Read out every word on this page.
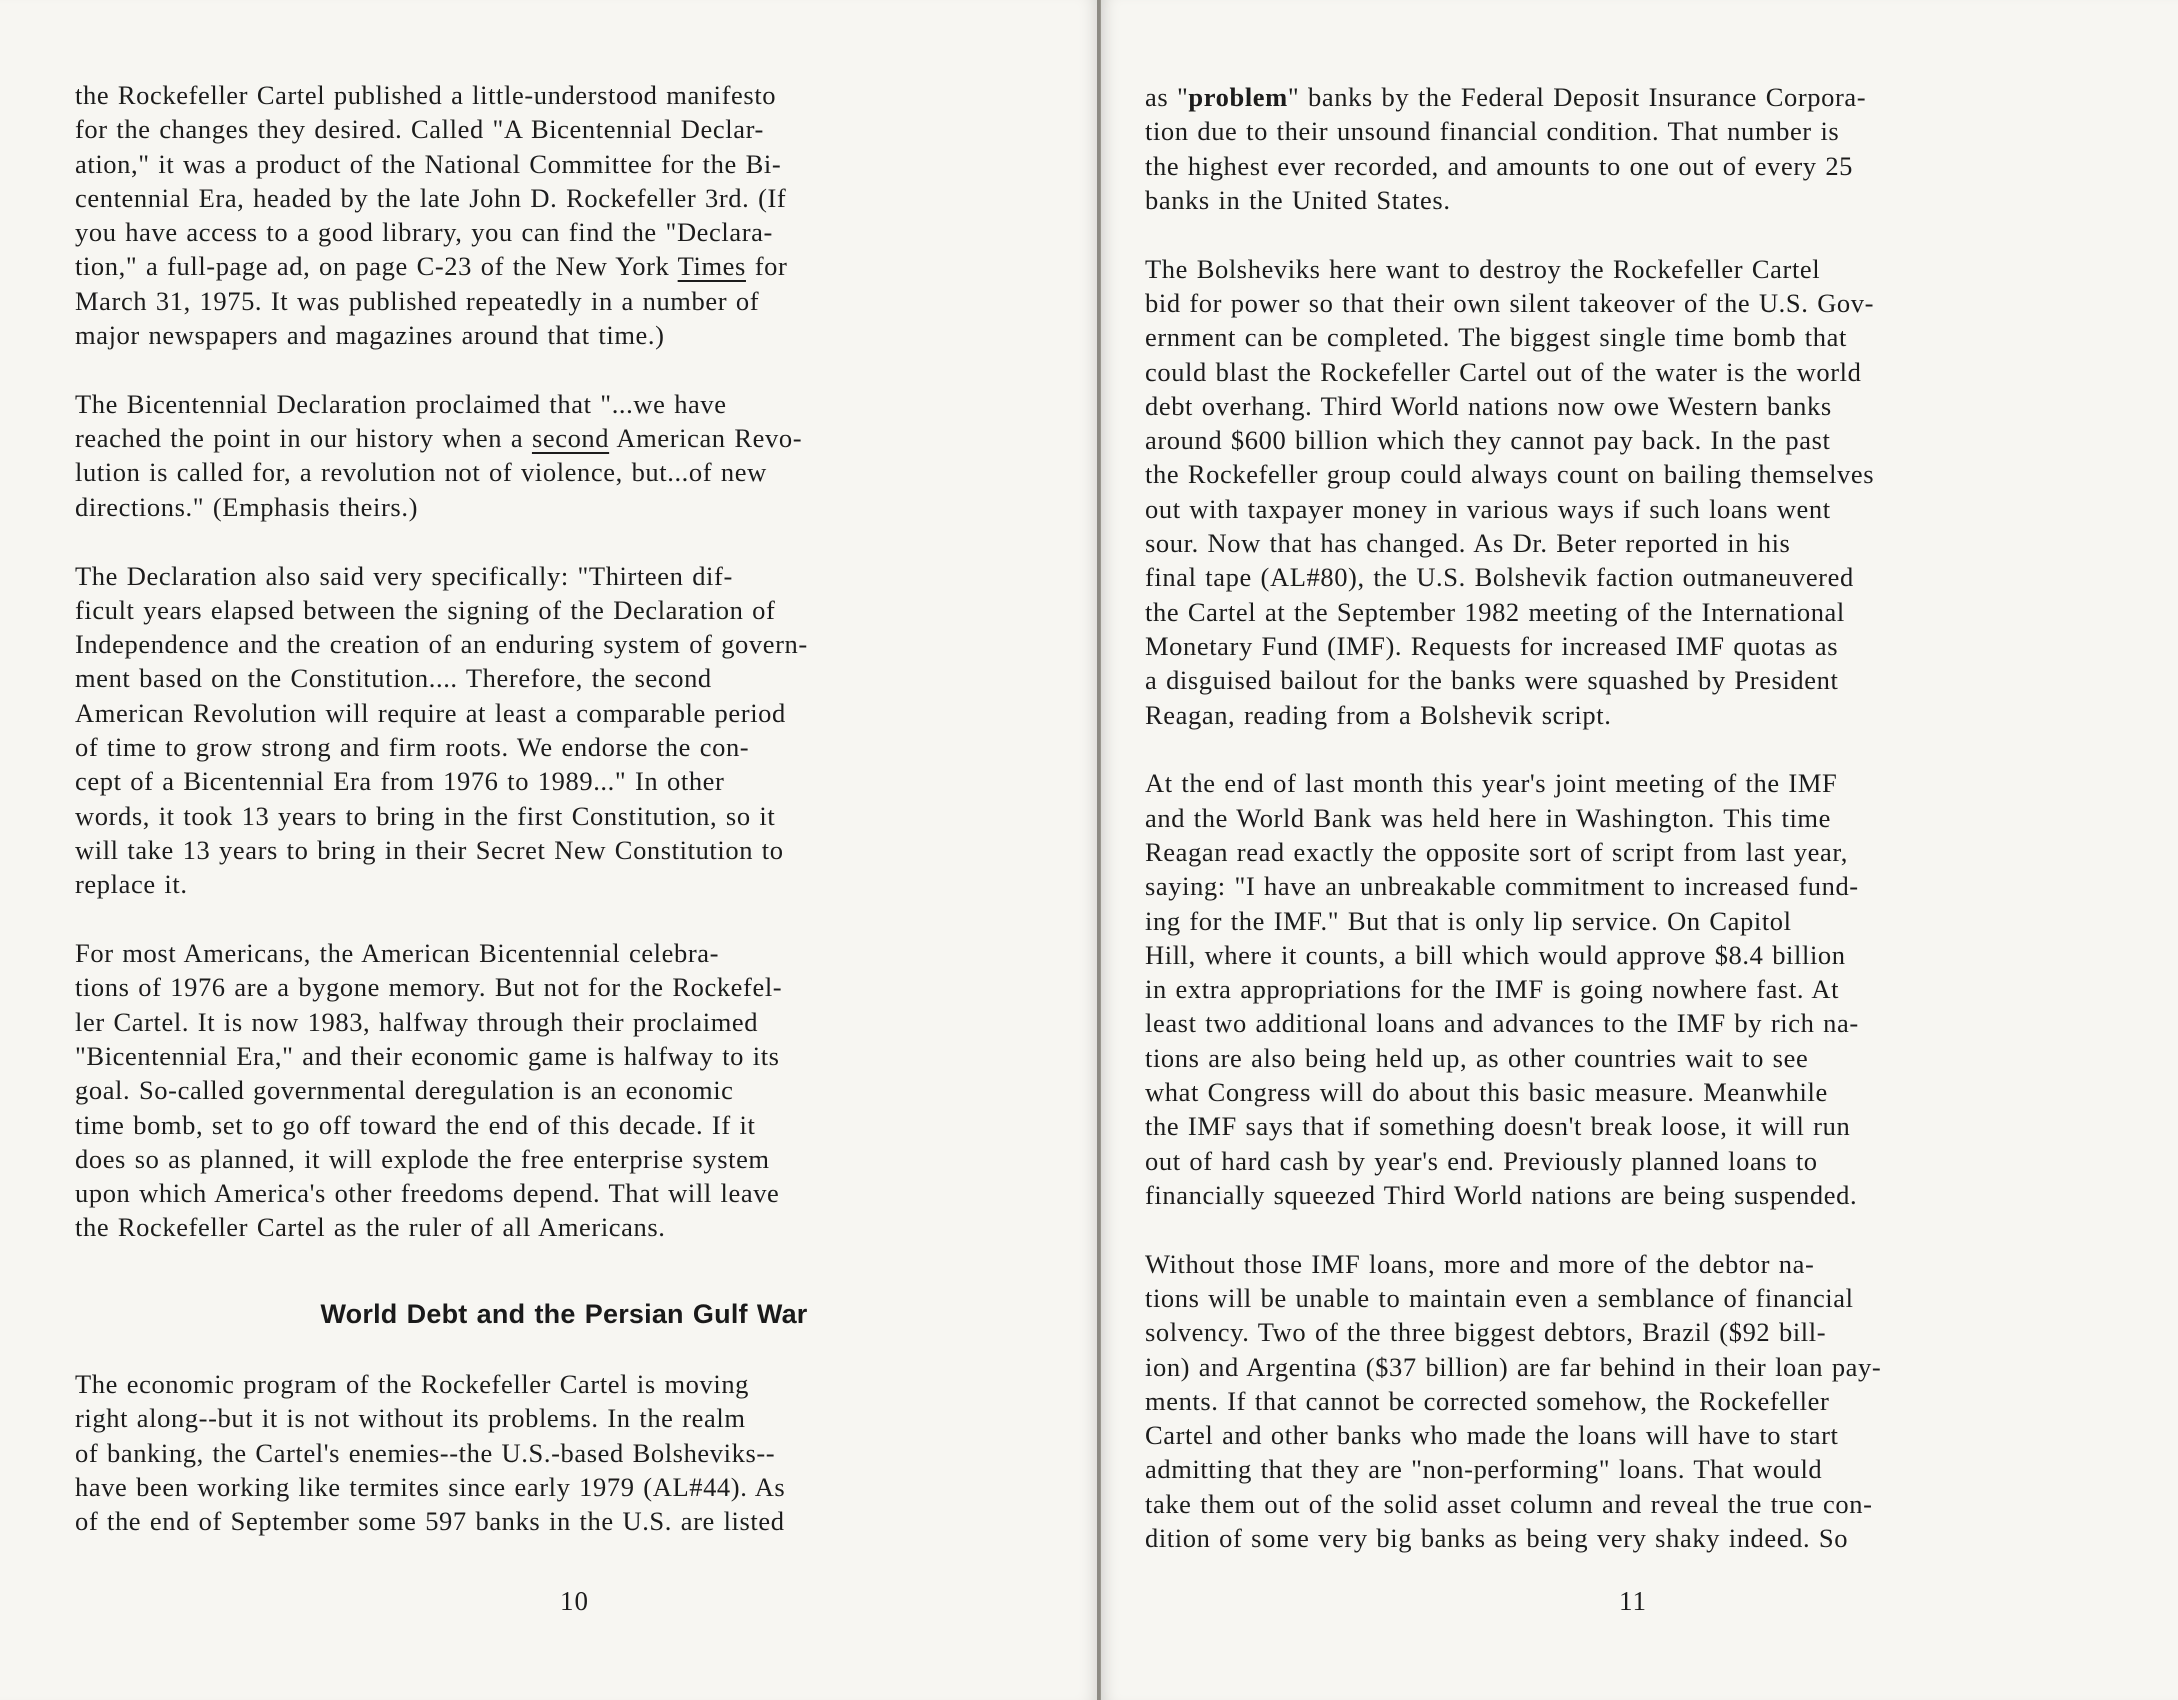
the Rockefeller Cartel published a little-understood manifesto
for the changes they desired. Called "A Bicentennial Declar-
ation," it was a product of the National Committee for the Bi-
centennial Era, headed by the late John D. Rockefeller 3rd. (If
you have access to a good library, you can find the "Declara-
tion," a full-page ad, on page C-23 of the New York Times for
March 31, 1975. It was published repeatedly in a number of
major newspapers and magazines around that time.)
The Bicentennial Declaration proclaimed that "...we have
reached the point in our history when a second American Revo-
lution is called for, a revolution not of violence, but...of new
directions." (Emphasis theirs.)
The Declaration also said very specifically: "Thirteen dif-
ficult years elapsed between the signing of the Declaration of
Independence and the creation of an enduring system of govern-
ment based on the Constitution.... Therefore, the second
American Revolution will require at least a comparable period
of time to grow strong and firm roots. We endorse the con-
cept of a Bicentennial Era from 1976 to 1989..." In other
words, it took 13 years to bring in the first Constitution, so it
will take 13 years to bring in their Secret New Constitution to
replace it.
For most Americans, the American Bicentennial celebra-
tions of 1976 are a bygone memory. But not for the Rockefel-
ler Cartel. It is now 1983, halfway through their proclaimed
"Bicentennial Era," and their economic game is halfway to its
goal. So-called governmental deregulation is an economic
time bomb, set to go off toward the end of this decade. If it
does so as planned, it will explode the free enterprise system
upon which America's other freedoms depend. That will leave
the Rockefeller Cartel as the ruler of all Americans.
World Debt and the Persian Gulf War
The economic program of the Rockefeller Cartel is moving
right along--but it is not without its problems. In the realm
of banking, the Cartel's enemies--the U.S.-based Bolsheviks--
have been working like termites since early 1979 (AL#44). As
of the end of September some 597 banks in the U.S. are listed
10
as "problem" banks by the Federal Deposit Insurance Corpora-
tion due to their unsound financial condition. That number is
the highest ever recorded, and amounts to one out of every 25
banks in the United States.
The Bolsheviks here want to destroy the Rockefeller Cartel
bid for power so that their own silent takeover of the U.S. Gov-
ernment can be completed. The biggest single time bomb that
could blast the Rockefeller Cartel out of the water is the world
debt overhang. Third World nations now owe Western banks
around $600 billion which they cannot pay back. In the past
the Rockefeller group could always count on bailing themselves
out with taxpayer money in various ways if such loans went
sour. Now that has changed. As Dr. Beter reported in his
final tape (AL#80), the U.S. Bolshevik faction outmaneuvered
the Cartel at the September 1982 meeting of the International
Monetary Fund (IMF). Requests for increased IMF quotas as
a disguised bailout for the banks were squashed by President
Reagan, reading from a Bolshevik script.
At the end of last month this year's joint meeting of the IMF
and the World Bank was held here in Washington. This time
Reagan read exactly the opposite sort of script from last year,
saying: "I have an unbreakable commitment to increased fund-
ing for the IMF." But that is only lip service. On Capitol
Hill, where it counts, a bill which would approve $8.4 billion
in extra appropriations for the IMF is going nowhere fast. At
least two additional loans and advances to the IMF by rich na-
tions are also being held up, as other countries wait to see
what Congress will do about this basic measure. Meanwhile
the IMF says that if something doesn't break loose, it will run
out of hard cash by year's end. Previously planned loans to
financially squeezed Third World nations are being suspended.
Without those IMF loans, more and more of the debtor na-
tions will be unable to maintain even a semblance of financial
solvency. Two of the three biggest debtors, Brazil ($92 bill-
ion) and Argentina ($37 billion) are far behind in their loan pay-
ments. If that cannot be corrected somehow, the Rockefeller
Cartel and other banks who made the loans will have to start
admitting that they are "non-performing" loans. That would
take them out of the solid asset column and reveal the true con-
dition of some very big banks as being very shaky indeed. So
11
